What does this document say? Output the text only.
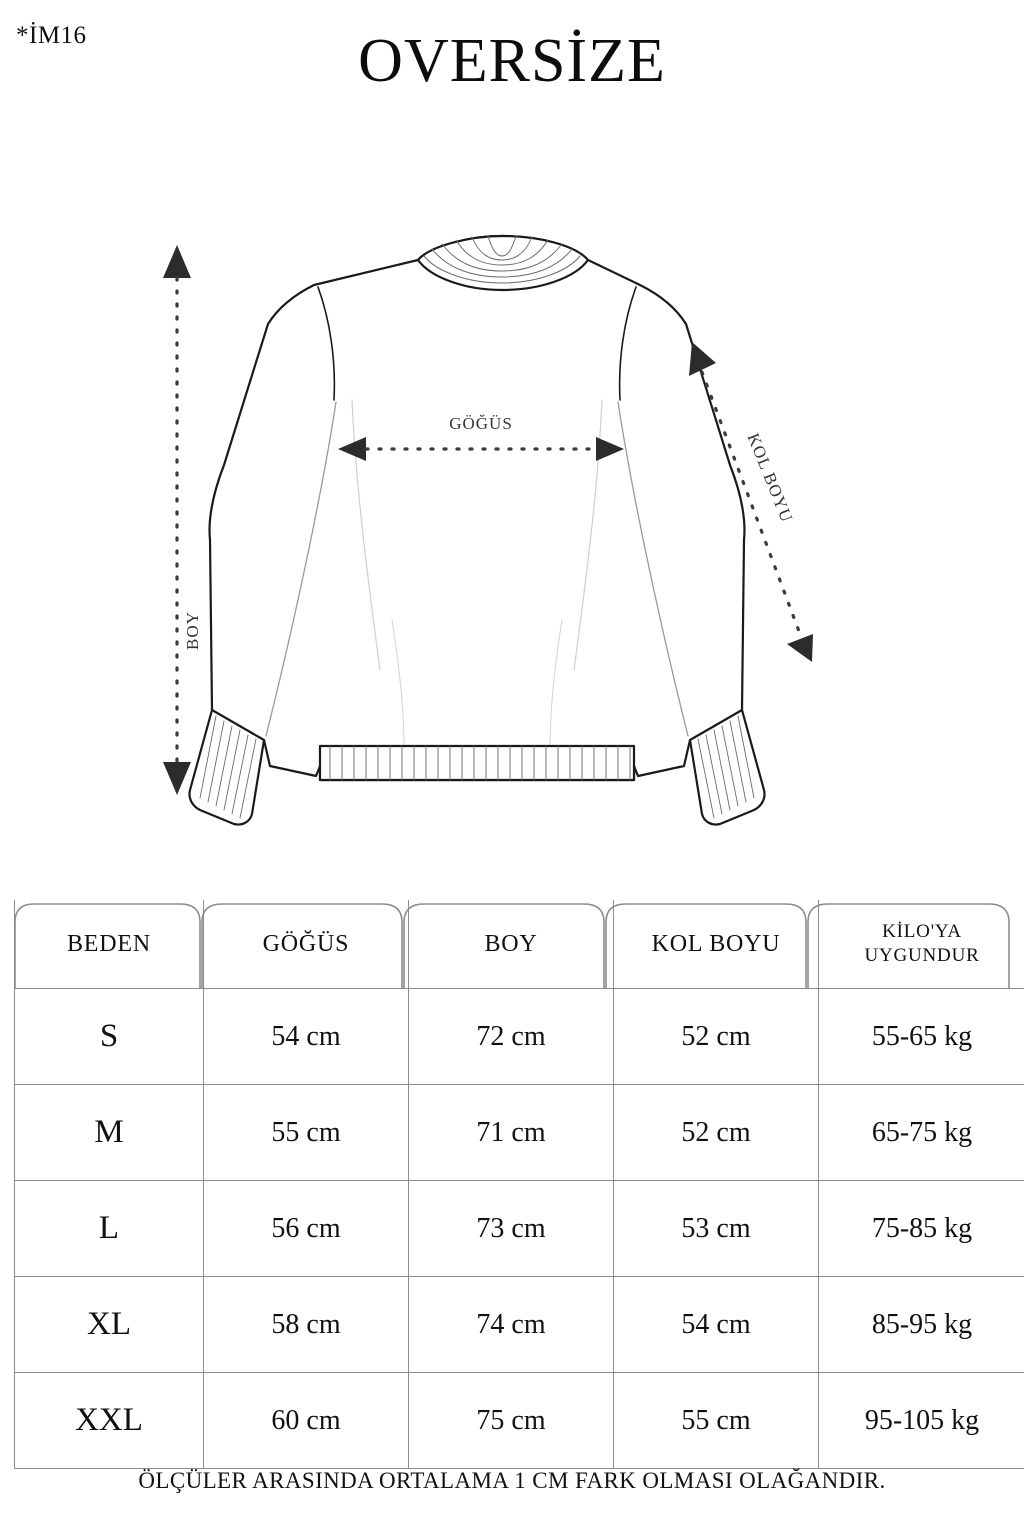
*İM16	OVERSİZE
BOY
GÖĞÜS
KOL BOYU
BEDEN	GÖĞÜS	BOY	KOL BOYU	KİLO'YA
UYGUNDUR

S	54 cm	72 cm	52 cm	55-65 kg
M	55 cm	71 cm	52 cm	65-75 kg
L	56 cm	73 cm	53 cm	75-85 kg
XL	58 cm	74 cm	54 cm	85-95 kg
XXL	60 cm	75 cm	55 cm	95-105 kg
ÖLÇÜLER ARASINDA ORTALAMA 1 CM FARK OLMASI OLAĞANDIR.
